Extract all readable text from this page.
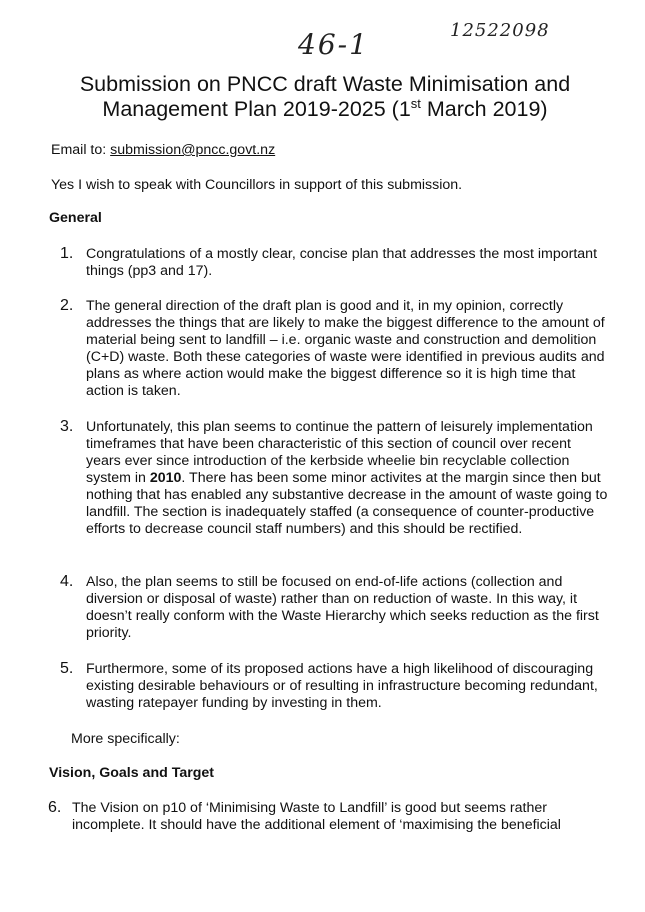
46-1	12522098
Submission on PNCC draft Waste Minimisation and
Management Plan 2019-2025 (1st March 2019)
Email to: submission@pncc.govt.nz
Yes I wish to speak with Councillors in support of this submission.
General
1. Congratulations of a mostly clear, concise plan that addresses the most important things (pp3 and 17).
2. The general direction of the draft plan is good and it, in my opinion, correctly addresses the things that are likely to make the biggest difference to the amount of material being sent to landfill – i.e. organic waste and construction and demolition (C+D) waste. Both these categories of waste were identified in previous audits and plans as where action would make the biggest difference so it is high time that action is taken.
3. Unfortunately, this plan seems to continue the pattern of leisurely implementation timeframes that have been characteristic of this section of council over recent years ever since introduction of the kerbside wheelie bin recyclable collection system in 2010. There has been some minor activites at the margin since then but nothing that has enabled any substantive decrease in the amount of waste going to landfill. The section is inadequately staffed (a consequence of counter-productive efforts to decrease council staff numbers) and this should be rectified.
4. Also, the plan seems to still be focused on end-of-life actions (collection and diversion or disposal of waste) rather than on reduction of waste. In this way, it doesn’t really conform with the Waste Hierarchy which seeks reduction as the first priority.
5. Furthermore, some of its proposed actions have a high likelihood of discouraging existing desirable behaviours or of resulting in infrastructure becoming redundant, wasting ratepayer funding by investing in them.
More specifically:
Vision, Goals and Target
6. The Vision on p10 of ‘Minimising Waste to Landfill’ is good but seems rather incomplete. It should have the additional element of ‘maximising the beneficial
